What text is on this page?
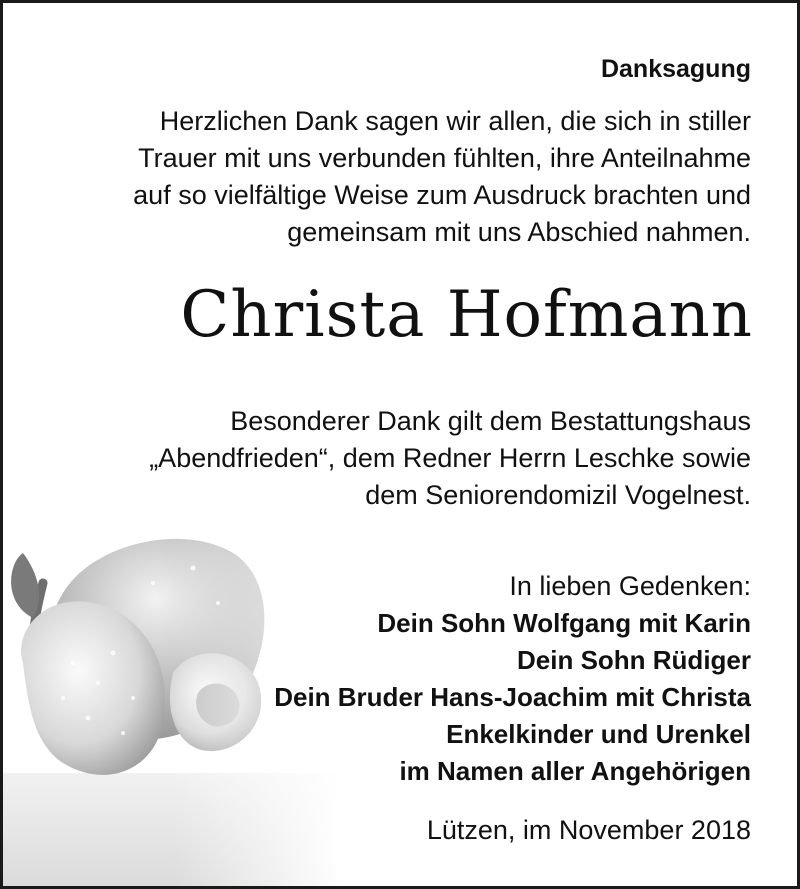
Danksagung
Herzlichen Dank sagen wir allen, die sich in stiller
Trauer mit uns verbunden fühlten, ihre Anteilnahme
auf so vielfältige Weise zum Ausdruck brachten und
gemeinsam mit uns Abschied nahmen.
Christa Hofmann
Besonderer Dank gilt dem Bestattungshaus
„Abendfrieden“, dem Redner Herrn Leschke sowie
dem Seniorendomizil Vogelnest.
In lieben Gedenken:
Dein Sohn Wolfgang mit Karin
Dein Sohn Rüdiger
Dein Bruder Hans-Joachim mit Christa
Enkelkinder und Urenkel
im Namen aller Angehörigen
Lützen, im November 2018
